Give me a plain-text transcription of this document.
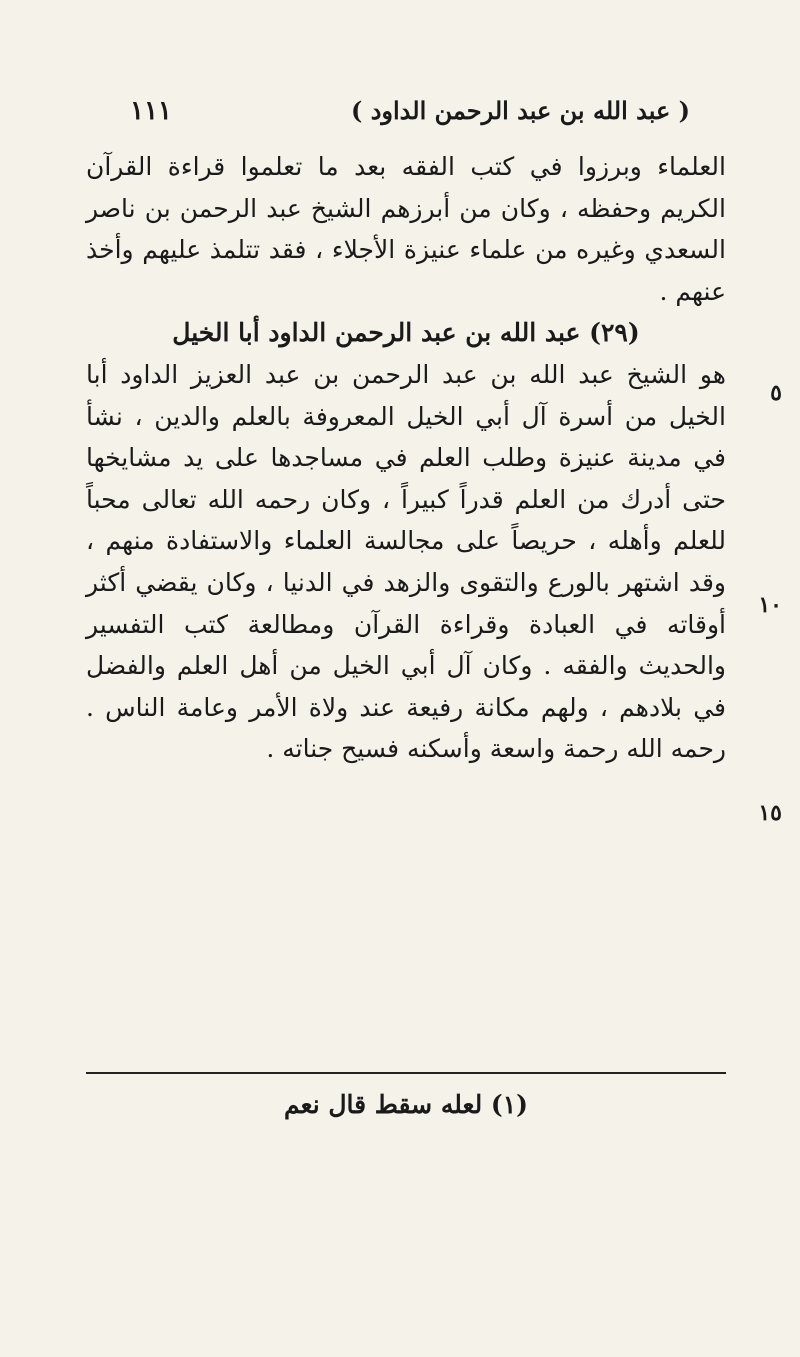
١١١	( عبد الله بن عبد الرحمن الداود )
٥
١٠
١٥

العلماء وبرزوا في كتب الفقه بعد ما تعلموا قراءة القرآن الكريم وحفظه ، وكان من أبرزهم الشيخ عبد الرحمن بن ناصر السعدي وغيره من علماء عنيزة الأجلاء ، فقد تتلمذ عليهم وأخذ عنهم .

(٢٩) عبد الله بن عبد الرحمن الداود أبا الخيل

هو الشيخ عبد الله بن عبد الرحمن بن عبد العزيز الداود أبا الخيل من أسرة آل أبي الخيل المعروفة بالعلم والدين ، نشأ في مدينة عنيزة وطلب العلم في مساجدها على يد مشايخها حتى أدرك من العلم قدراً كبيراً ، وكان رحمه الله تعالى محباً للعلم وأهله ، حريصاً على مجالسة العلماء والاستفادة منهم ، وقد اشتهر بالورع والتقوى والزهد في الدنيا ، وكان يقضي أكثر أوقاته في العبادة وقراءة القرآن ومطالعة كتب التفسير والحديث والفقه . وكان آل أبي الخيل من أهل العلم والفضل في بلادهم ، ولهم مكانة رفيعة عند ولاة الأمر وعامة الناس . رحمه الله رحمة واسعة وأسكنه فسيح جناته .

(١) لعله سقط قال نعم
